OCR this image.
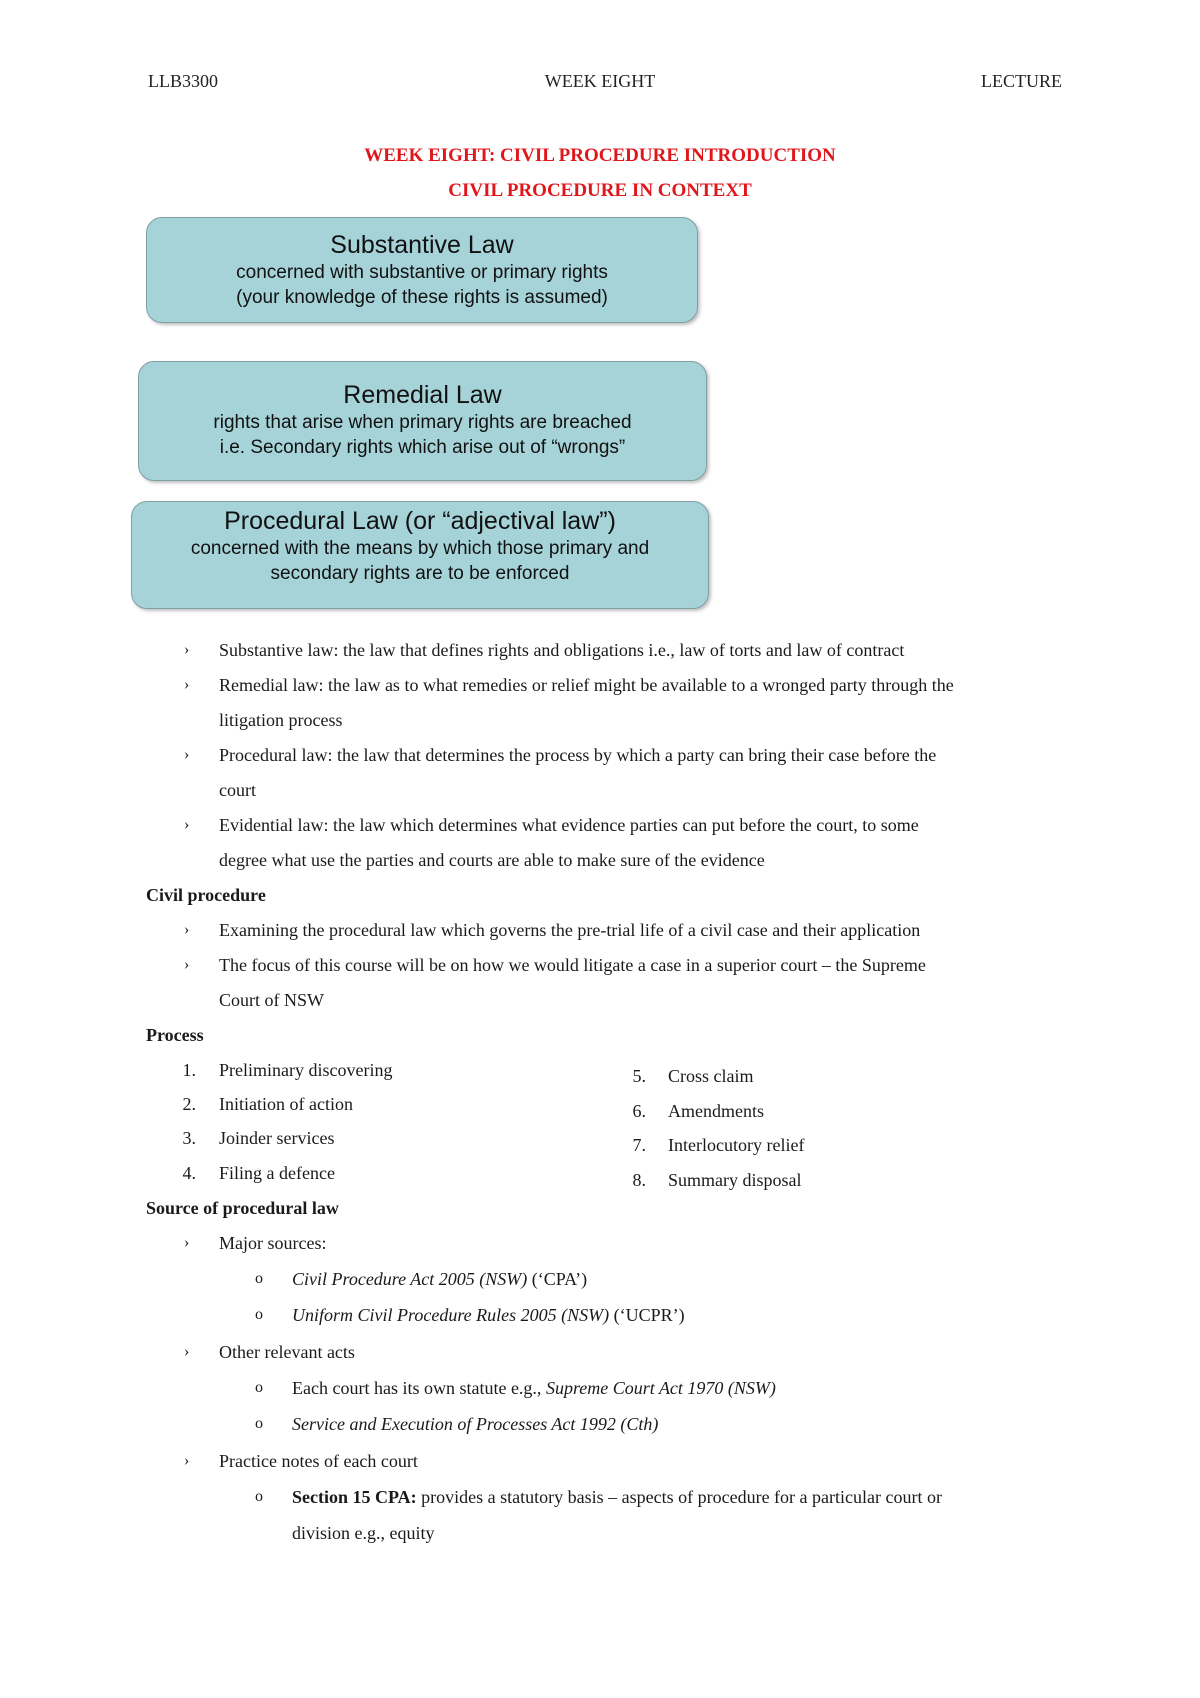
LLB3300	WEEK EIGHT	LECTURE
WEEK EIGHT: CIVIL PROCEDURE INTRODUCTION
CIVIL PROCEDURE IN CONTEXT
Substantive Law
concerned with substantive or primary rights
(your knowledge of these rights is assumed)
Remedial Law
rights that arise when primary rights are breached
i.e. Secondary rights which arise out of “wrongs”
Procedural Law (or “adjectival law”)
concerned with the means by which those primary and
secondary rights are to be enforced
› Substantive law: the law that defines rights and obligations i.e., law of torts and law of contract
› Remedial law: the law as to what remedies or relief might be available to a wronged party through the
litigation process
› Procedural law: the law that determines the process by which a party can bring their case before the
court
› Evidential law: the law which determines what evidence parties can put before the court, to some
degree what use the parties and courts are able to make sure of the evidence
Civil procedure
› Examining the procedural law which governs the pre-trial life of a civil case and their application
› The focus of this course will be on how we would litigate a case in a superior court – the Supreme
Court of NSW
Process
1. Preliminary discovering
2. Initiation of action
3. Joinder services
4. Filing a defence
5. Cross claim
6. Amendments
7. Interlocutory relief
8. Summary disposal
Source of procedural law
› Major sources:
o Civil Procedure Act 2005 (NSW) (‘CPA’)
o Uniform Civil Procedure Rules 2005 (NSW) (‘UCPR’)
› Other relevant acts
o Each court has its own statute e.g., Supreme Court Act 1970 (NSW)
o Service and Execution of Processes Act 1992 (Cth)
› Practice notes of each court
o Section 15 CPA: provides a statutory basis – aspects of procedure for a particular court or
division e.g., equity
